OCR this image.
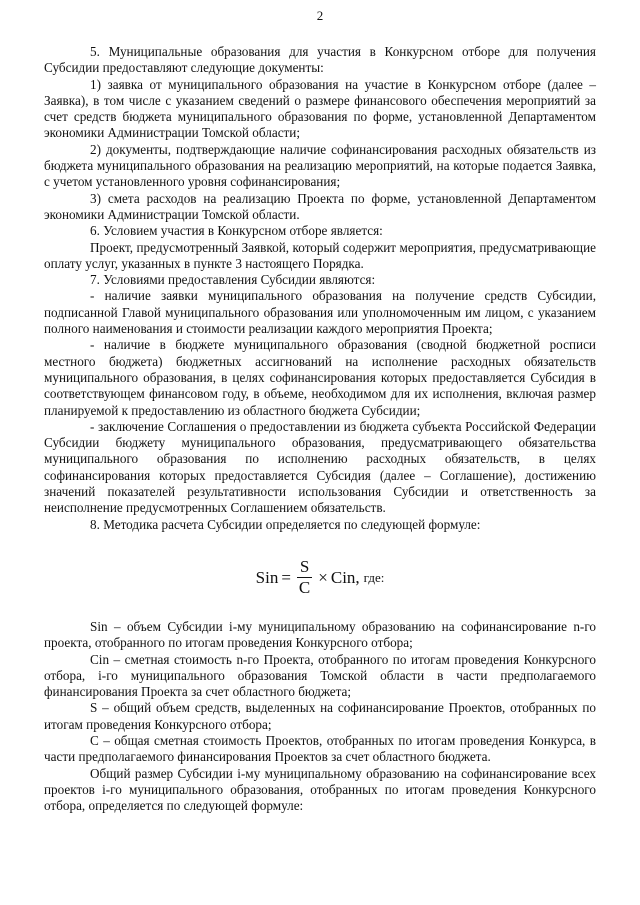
2

5. Муниципальные образования для участия в Конкурсном отборе для получения Субсидии предоставляют следующие документы:

1) заявка от муниципального образования на участие в Конкурсном отборе (далее – Заявка), в том числе с указанием сведений о размере финансового обеспечения мероприятий за счет средств бюджета муниципального образования по форме, установленной Департаментом экономики Администрации Томской области;

2) документы, подтверждающие наличие софинансирования расходных обязательств из бюджета муниципального образования на реализацию мероприятий, на которые подается Заявка, с учетом установленного уровня софинансирования;

3) смета расходов на реализацию Проекта по форме, установленной Департаментом экономики Администрации Томской области.

6. Условием участия в Конкурсном отборе является:

Проект, предусмотренный Заявкой, который содержит мероприятия, предусматривающие оплату услуг, указанных в пункте 3 настоящего Порядка.

7. Условиями предоставления Субсидии являются:

- наличие заявки муниципального образования на получение средств Субсидии, подписанной Главой муниципального образования или уполномоченным им лицом, с указанием полного наименования и стоимости реализации каждого мероприятия Проекта;

- наличие в бюджете муниципального образования (сводной бюджетной росписи местного бюджета) бюджетных ассигнований на исполнение расходных обязательств муниципального образования, в целях софинансирования которых предоставляется Субсидия в соответствующем финансовом году, в объеме, необходимом для их исполнения, включая размер планируемой к предоставлению из областного бюджета Субсидии;

- заключение Соглашения о предоставлении из бюджета субъекта Российской Федерации Субсидии бюджету муниципального образования, предусматривающего обязательства муниципального образования по исполнению расходных обязательств, в целях софинансирования которых предоставляется Субсидия (далее – Соглашение), достижению значений показателей результативности использования Субсидии и ответственность за неисполнение предусмотренных Соглашением обязательств.

8. Методика расчета Субсидии определяется по следующей формуле:

Sin = $\frac{S}{C}$ × Cin, где:

Sin – объем Субсидии i-му муниципальному образованию на софинансирование n-го проекта, отобранного по итогам проведения Конкурсного отбора;

Cin – сметная стоимость n-го Проекта, отобранного по итогам проведения Конкурсного отбора, i-го муниципального образования Томской области в части предполагаемого финансирования Проекта за счет областного бюджета;

S – общий объем средств, выделенных на софинансирование Проектов, отобранных по итогам проведения Конкурсного отбора;

C – общая сметная стоимость Проектов, отобранных по итогам проведения Конкурса, в части предполагаемого финансирования Проектов за счет областного бюджета.

Общий размер Субсидии i-му муниципальному образованию на софинансирование всех проектов i-го муниципального образования, отобранных по итогам проведения Конкурсного отбора, определяется по следующей формуле:
